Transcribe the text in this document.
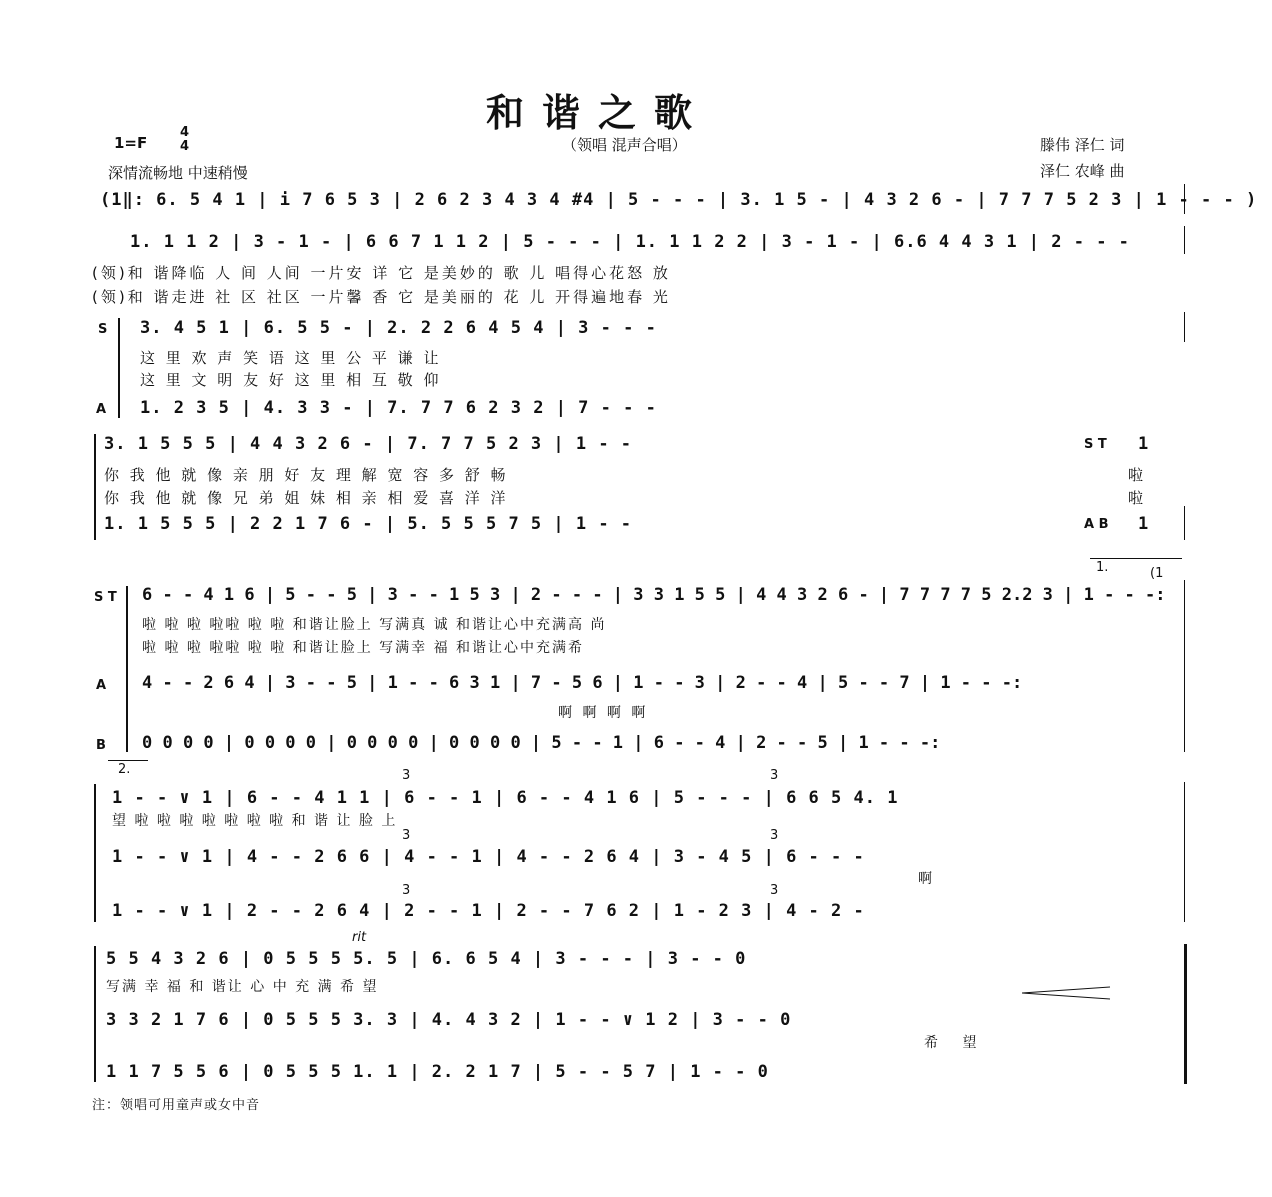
和谐之歌
（领唱 混声合唱）
1=F
4
4
深情流畅地 中速稍慢
滕伟 泽仁 词
泽仁 农峰 曲
(1‖: 6. 5 4 1 | i 7 6 5 3 | 2 6 2 3 4 3 4 #4 | 5 - - - | 3. 1 5 - | 4 3 2 6 - | 7 7 7 5 2 3 | 1 - - - )
1. 1 1 2 | 3 - 1 - | 6 6 7 1 1 2 | 5 - - - | 1. 1 1 2 2 | 3 - 1 - | 6.6 4 4 3 1 | 2 - - -
(领)和 谐降临 人 间 人间 一片安 详 它 是美妙的 歌 儿 唱得心花怒 放
(领)和 谐走进 社 区 社区 一片馨 香 它 是美丽的 花 儿 开得遍地春 光
S 3. 4 5 1 | 6. 5 5 - | 2. 2 2 6 4 5 4 | 3 - - -
这 里 欢 声 笑 语 这 里 公 平 谦 让
这 里 文 明 友 好 这 里 相 互 敬 仰
A 1. 2 3 5 | 4. 3 3 - | 7. 7 7 6 2 3 2 | 7 - - -
3. 1 5 5 5 | 4 4 3 2 6 - | 7. 7 7 5 2 3 | 1 - -
你 我 他 就 像 亲 朋 好 友 理 解 宽 容 多 舒 畅
你 我 他 就 像 兄 弟 姐 妹 相 亲 相 爱 喜 洋 洋
1. 1 5 5 5 | 2 2 1 7 6 - | 5. 5 5 5 7 5 | 1 - -
S T
A B
1
1
啦
啦
1.	(1
S T 6 - - 4 1 6 | 5 - - 5 | 3 - - 1 5 3 | 2 - - - | 3 3 1 5 5 | 4 4 3 2 6 - | 7 7 7 7 5 2.2 3 | 1 - - -:
啦 啦 啦 啦啦 啦 啦 和谐让脸上 写满真 诚 和谐让心中充满高 尚
啦 啦 啦 啦啦 啦 啦 和谐让脸上 写满幸 福 和谐让心中充满希
A 4 - - 2 6 4 | 3 - - 5 | 1 - - 6 3 1 | 7 - 5 6 | 1 - - 3 | 2 - - 4 | 5 - - 7 | 1 - - -:
啊 啊 啊 啊
B 0 0 0 0 | 0 0 0 0 | 0 0 0 0 | 0 0 0 0 | 5 - - 1 | 6 - - 4 | 2 - - 5 | 1 - - -:
2.
1 - - ∨ 1 | 6 - - 4 1 1 | 6 - - 1 | 6 - - 4 1 6 | 5 - - - | 6 6 5 4. 1
望 啦 啦 啦 啦 啦 啦 啦 和 谐 让 脸 上
1 - - ∨ 1 | 4 - - 2 6 6 | 4 - - 1 | 4 - - 2 6 4 | 3 - 4 5 | 6 - - -
啊
1 - - ∨ 1 | 2 - - 2 6 4 | 2 - - 1 | 2 - - 7 6 2 | 1 - 2 3 | 4 - 2 -
3	3
3	3
3	3
rit
5 5 4 3 2 6 | 0 5 5 5 5. 5 | 6. 6 5 4 | 3 - - - | 3 - - 0
写满 幸 福 和 谐让 心 中 充 满 希 望
3 3 2 1 7 6 | 0 5 5 5 3. 3 | 4. 4 3 2 | 1 - - ∨ 1 2 | 3 - - 0
希 望
1 1 7 5 5 6 | 0 5 5 5 1. 1 | 2. 2 1 7 | 5 - - 5 7 | 1 - - 0
注：领唱可用童声或女中音
